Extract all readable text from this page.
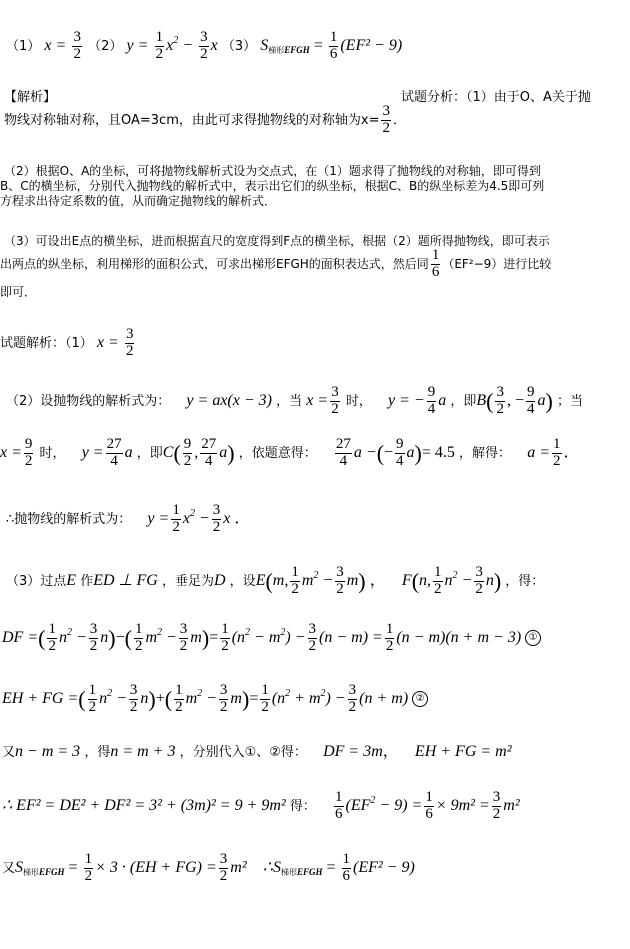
（1） $x = \frac{3}{2} (2) y = \frac{1}{2} x^2 - \frac{3}{2}$ x （3） $S_{梯形EFGH} = \frac{1}{6} (EF^2 - 9)$
【解析】	试题分析：（1）由于O、A关于抛
物线对称轴对称，且OA=3cm，由此可求得抛物线的对称轴为$x= \frac{3}{2}$ ．
（2）根据O、A的坐标，可将抛物线解析式设为交点式，在（1）题求得了抛物线的对称轴，即可得到
B、C的横坐标，分别代入抛物线的解析式中，表示出它们的纵坐标，根据C、B的纵坐标差为4.5即可列
方程求出待定系数的值，从而确定抛物线的解析式．
（3）可设出E点的横坐标，进而根据直尺的宽度得到F点的横坐标，根据（2）题所得抛物线，即可表示
出两点的纵坐标，利用梯形的面积公式，可求出梯形EFGH的面积表达式，然后同 $\frac{1}{6} (EF^2-9)$进行比较
即可．
试题解析：（1） $x = \frac{3}{2}$
（2）设抛物线的解析式为： y = ax(x − 3) ，当 $x = \frac{3}{2}$ 时， y = − $\frac{9}{4}$ a ，即$B( \frac{3}{2}$ , − $\frac{9}{4} a$) ；当
$x = \frac{9}{2}$ 时， $y = \frac{27}{4}$ a ，即$C( \frac{9}{2}$ , $\frac{27}{4} a$) ，依题意得： $\frac{27}{4}$ a −(− $\frac{9}{4} a)= 4.5$ ，解得： $a = \frac{1}{2}$ ．
∴抛物线的解析式为： $y = \frac{1}{2} x^2 - \frac{3}{2}$ x ．
（3）过点E 作ED ⊥ FG ，垂足为D ，设E(m, $\frac{1}{2} m^2 - \frac{3}{2} m$) ， F(n, $\frac{1}{2} n^2 - \frac{3}{2} n$) ，得：
DF =( $\frac{1}{2} n^2 - \frac{3}{2} n)-( \frac{1}{2} m^2 - \frac{3}{2} m)= \frac{1}{2} (n^2 - m^2) - \frac{3}{2} (n - m) = \frac{1}{2} (n - m)(n + m - 3)$ ①
EH + FG =( $\frac{1}{2} n^2 - \frac{3}{2} n)+( \frac{1}{2} m^2 - \frac{3}{2} m)= \frac{1}{2} (n^2 + m^2) - \frac{3}{2} (n + m)$ ②
又n − m = 3 ，得n = m + 3 ，分别代入①、②得： DF = 3m， EH + FG = m²
∴ EF² = DE² + DF² = 3² + (3m)² = 9 + 9m² 得： $\frac{1}{6} (EF^2 - 9) = \frac{1}{6} \times 9m^2 = \frac{3}{2} m^2$
又$S_{梯形EFGH} = \frac{1}{2} \times 3 \cdot (EH + FG) = \frac{3}{2} m^2$ $\therefore S_{梯形EFGH} = \frac{1}{6} (EF^2 - 9)$
